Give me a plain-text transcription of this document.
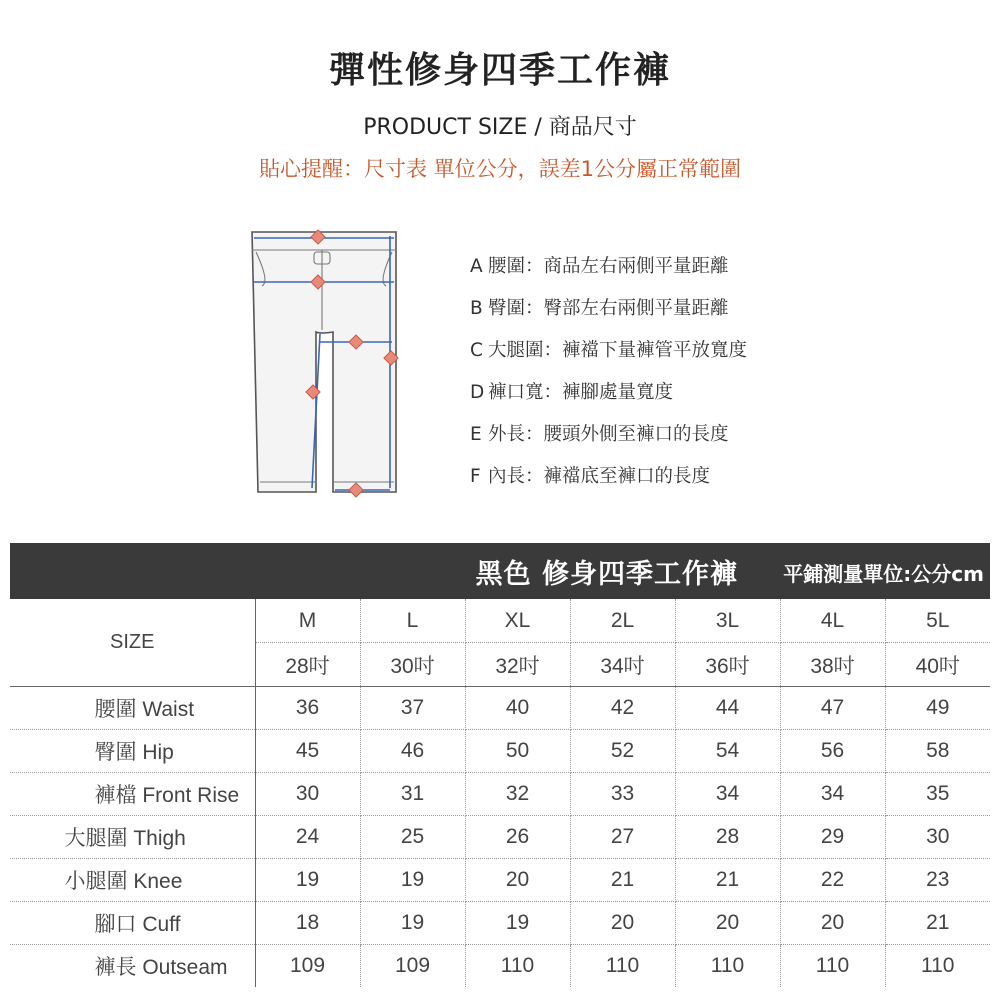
彈性修身四季工作褲
PRODUCT SIZE / 商品尺寸
貼心提醒：尺寸表 單位公分，誤差1公分屬正常範圍
A 腰圍：商品左右兩側平量距離
B 臀圍：臀部左右兩側平量距離
C 大腿圍：褲襠下量褲管平放寬度
D 褲口寬：褲腳處量寬度
E 外長：腰頭外側至褲口的長度
F 內長：褲襠底至褲口的長度
黑色 修身四季工作褲 平鋪測量單位:公分cm
SIZE	M	L	XL	2L	3L	4L	5L
	28吋	30吋	32吋	34吋	36吋	38吋	40吋
腰圍 Waist	36	37	40	42	44	47	49
臀圍 Hip	45	46	50	52	54	56	58
褲檔 Front Rise	30	31	32	33	34	34	35
大腿圍 Thigh	24	25	26	27	28	29	30
小腿圍 Knee	19	19	20	21	21	22	23
腳口 Cuff	18	19	19	20	20	20	21
褲長 Outseam	109	109	110	110	110	110	110
